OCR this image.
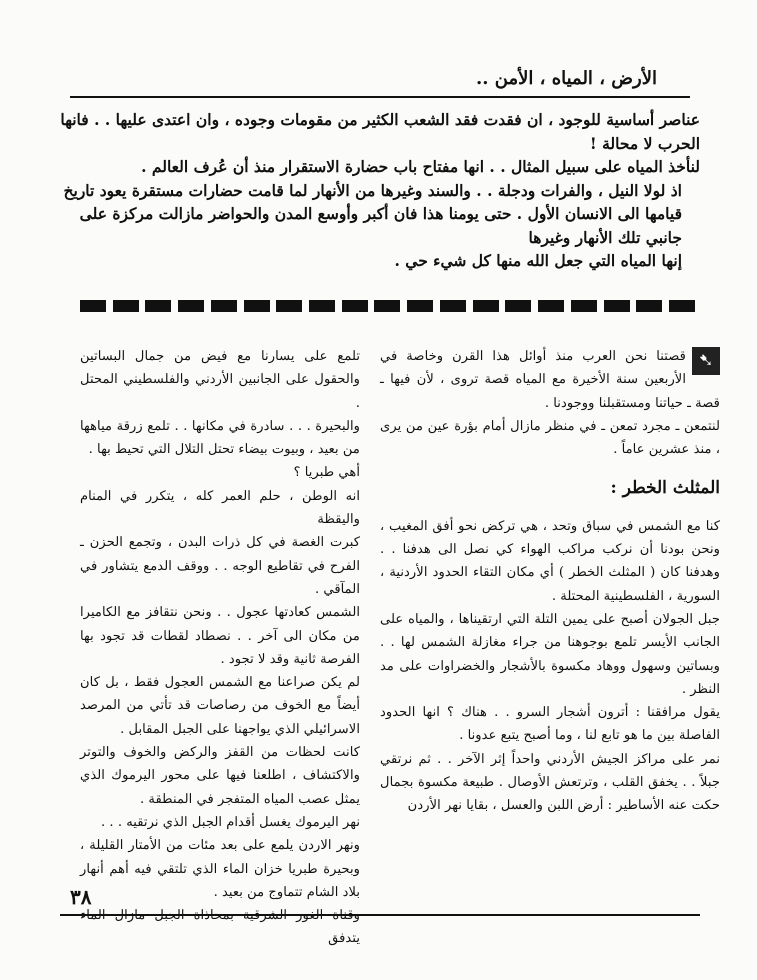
الأرض ، المياه ، الأمن ..

عناصر أساسية للوجود ، ان فقدت فقد الشعب الكثير من مقومات وجوده ، وان اعتدى عليها . . فانها الحرب لا محالة !

لنأخذ المياه على سبيل المثال . . انها مفتاح باب حضارة الاستقرار منذ أن عُرف العالم .

اذ لولا النيل ، والفرات ودجلة . . والسند وغيرها من الأنهار لما قامت حضارات مستقرة يعود تاريخ قيامها الى الانسان الأول . حتى يومنا هذا فان أكبر وأوسع المدن والحواضر مازالت مركزة على جانبي تلك الأنهار وغيرها

إنها المياه التي جعل الله منها كل شيء حي .

➷
قصتنا نحن العرب منذ أوائل هذا القرن وخاصة في الأربعين سنة الأخيرة مع المياه قصة تروى ، لأن فيها ـ قصة ـ حياتنا ومستقبلنا ووجودنا .

لنتمعن ـ مجرد تمعن ـ في منظر مازال أمام بؤرة عين من يرى ، منذ عشرين عاماً .

المثلث الخطر :

كنا مع الشمس في سباق وتحد ، هي تركض نحو أفق المغيب ، ونحن بودنا أن نركب مراكب الهواء كي نصل الى هدفنا . . وهدفنا كان ( المثلث الخطر ) أي مكان التقاء الحدود الأردنية ، السورية ، الفلسطينية المحتلة .

جبل الجولان أصبح على يمين التلة التي ارتقيناها ، والمياه على الجانب الأيسر تلمع بوجوهنا من جراء مغازلة الشمس لها . . وبساتين وسهول ووهاد مكسوة بالأشجار والخضراوات على مد النظر .

يقول مرافقنا : أترون أشجار السرو . . هناك ؟ انها الحدود الفاصلة بين ما هو تابع لنا ، وما أصبح يتبع عدونا .

نمر على مراكز الجيش الأردني واحداً إثر الآخر . . ثم نرتقي جبلاً . . يخفق القلب ، وترتعش الأوصال . طبيعة مكسوة بجمال حكت عنه الأساطير : أرض اللبن والعسل ، بقايا نهر الأردن

تلمع على يسارنا مع فيض من جمال البساتين والحقول على الجانبين الأردني والفلسطيني المحتل .

والبحيرة . . . سادرة في مكانها . . تلمع زرقة مياهها من بعيد ، وبيوت بيضاء تحتل التلال التي تحيط بها .

أهي طبريا ؟

انه الوطن ، حلم العمر كله ، يتكرر في المنام واليقظة

كبرت الغصة في كل ذرات البدن ، وتجمع الحزن ـ الفرح في تقاطيع الوجه . . ووقف الدمع يتشاور في المآقي .

الشمس كعادتها عجول . . ونحن نتقافز مع الكاميرا من مكان الى آخر . . نصطاد لقطات قد تجود بها الفرصة ثانية وقد لا تجود .

لم يكن صراعنا مع الشمس العجول فقط ، بل كان أيضاً مع الخوف من رصاصات قد تأتي من المرصد الاسرائيلي الذي يواجهنا على الجبل المقابل .

كانت لحظات من القفز والركض والخوف والتوتر والاكتشاف ، اطلعنا فيها على محور اليرموك الذي يمثل عصب المياه المتفجر في المنطقة .

نهر اليرموك يغسل أقدام الجبل الذي نرتقيه . . .

ونهر الاردن يلمع على بعد مئات من الأمتار القليلة ، وبحيرة طبريا خزان الماء الذي تلتقي فيه أهم أنهار بلاد الشام تتماوج من بعيد .

يتدفق

٣٨
